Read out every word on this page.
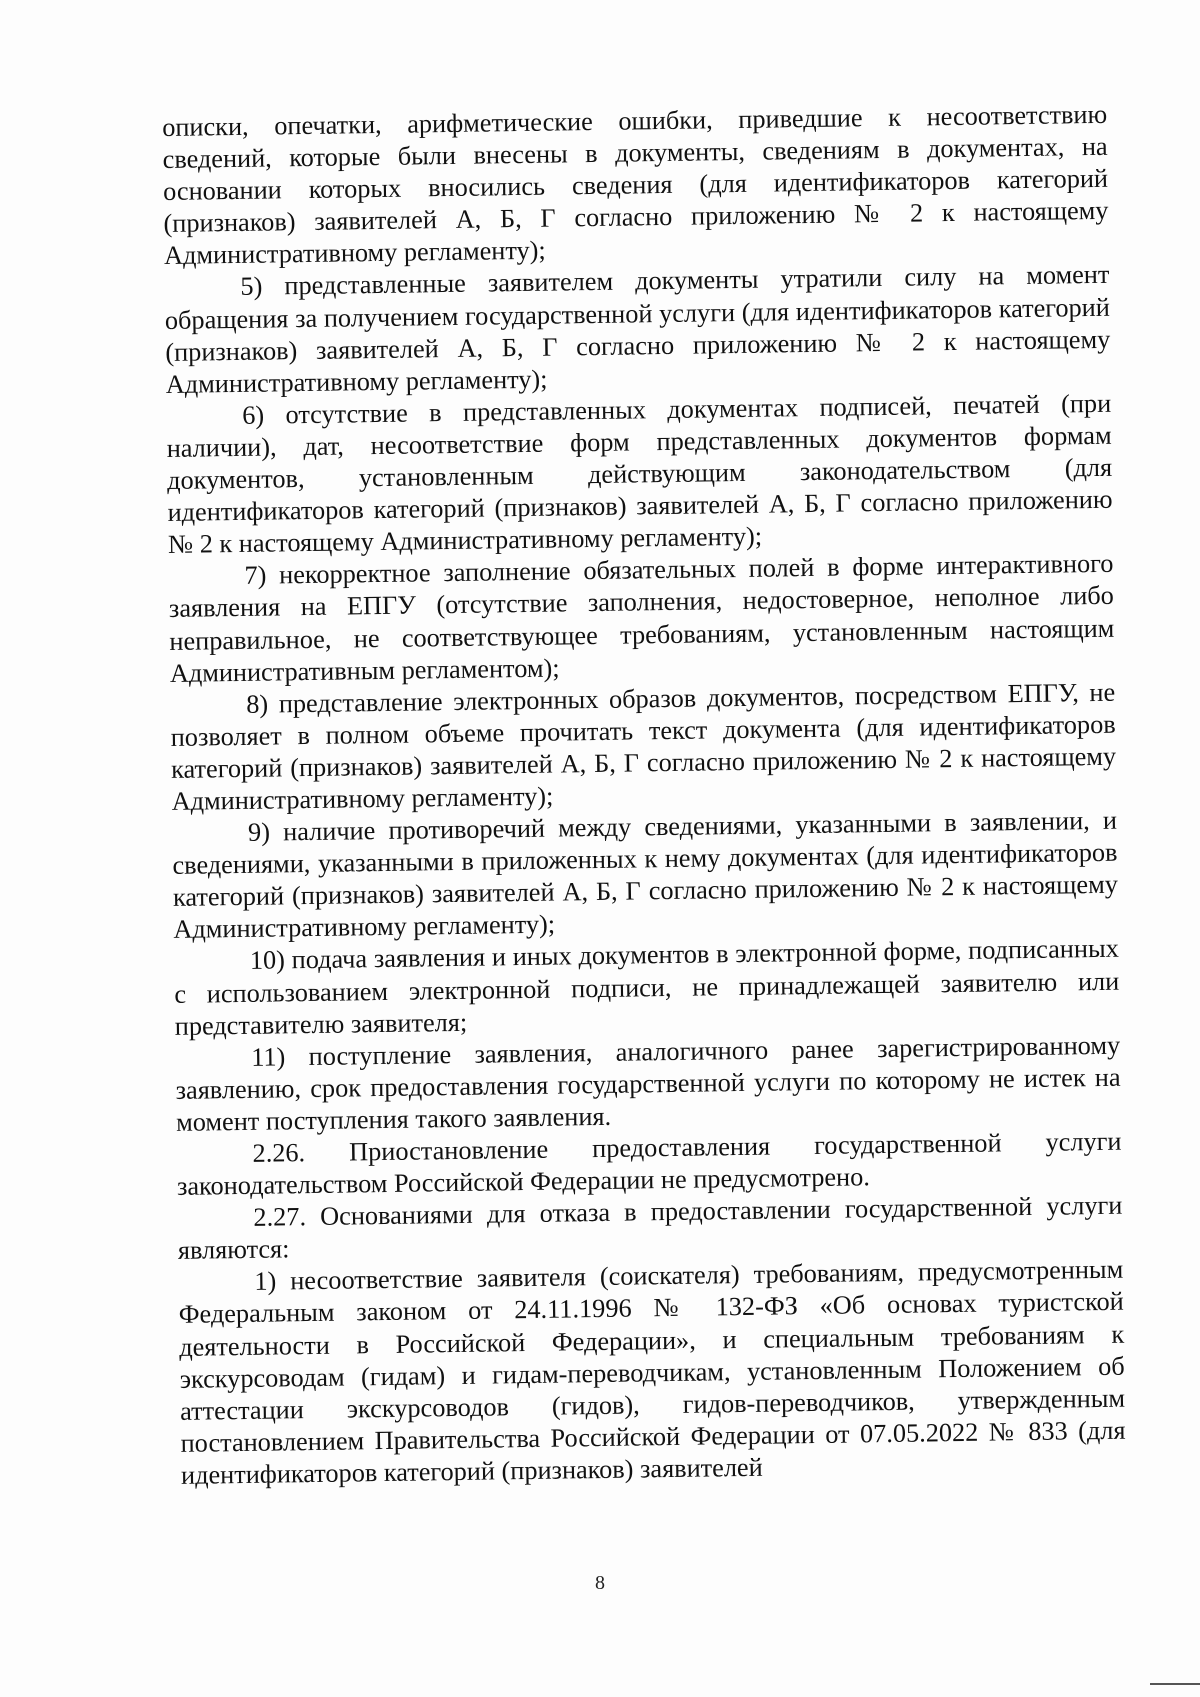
описки, опечатки, арифметические ошибки, приведшие к несоответствию сведений, которые были внесены в документы, сведениям в документах, на основании которых вносились сведения (для идентификаторов категорий (признаков) заявителей А, Б, Г согласно приложению № 2 к настоящему Административному регламенту);

5) представленные заявителем документы утратили силу на момент обращения за получением государственной услуги (для идентификаторов категорий (признаков) заявителей А, Б, Г согласно приложению № 2 к настоящему Административному регламенту);

6) отсутствие в представленных документах подписей, печатей (при наличии), дат, несоответствие форм представленных документов формам документов, установленным действующим законодательством (для идентификаторов категорий (признаков) заявителей А, Б, Г согласно приложению № 2 к настоящему Административному регламенту);

7) некорректное заполнение обязательных полей в форме интерактивного заявления на ЕПГУ (отсутствие заполнения, недостоверное, неполное либо неправильное, не соответствующее требованиям, установленным настоящим Административным регламентом);

8) представление электронных образов документов, посредством ЕПГУ, не позволяет в полном объеме прочитать текст документа (для идентификаторов категорий (признаков) заявителей А, Б, Г согласно приложению № 2 к настоящему Административному регламенту);

9) наличие противоречий между сведениями, указанными в заявлении, и сведениями, указанными в приложенных к нему документах (для идентификаторов категорий (признаков) заявителей А, Б, Г согласно приложению № 2 к настоящему Административному регламенту);

10) подача заявления и иных документов в электронной форме, подписанных с использованием электронной подписи, не принадлежащей заявителю или представителю заявителя;

11) поступление заявления, аналогичного ранее зарегистрированному заявлению, срок предоставления государственной услуги по которому не истек на момент поступления такого заявления.

2.26. Приостановление предоставления государственной услуги законодательством Российской Федерации не предусмотрено.

2.27. Основаниями для отказа в предоставлении государственной услуги являются:

1) несоответствие заявителя (соискателя) требованиям, предусмотренным Федеральным законом от 24.11.1996 № 132-ФЗ «Об основах туристской деятельности в Российской Федерации», и специальным требованиям к экскурсоводам (гидам) и гидам-переводчикам, установленным Положением об аттестации экскурсоводов (гидов), гидов-переводчиков, утвержденным постановлением Правительства Российской Федерации от 07.05.2022 № 833 (для идентификаторов категорий (признаков) заявителей

8
